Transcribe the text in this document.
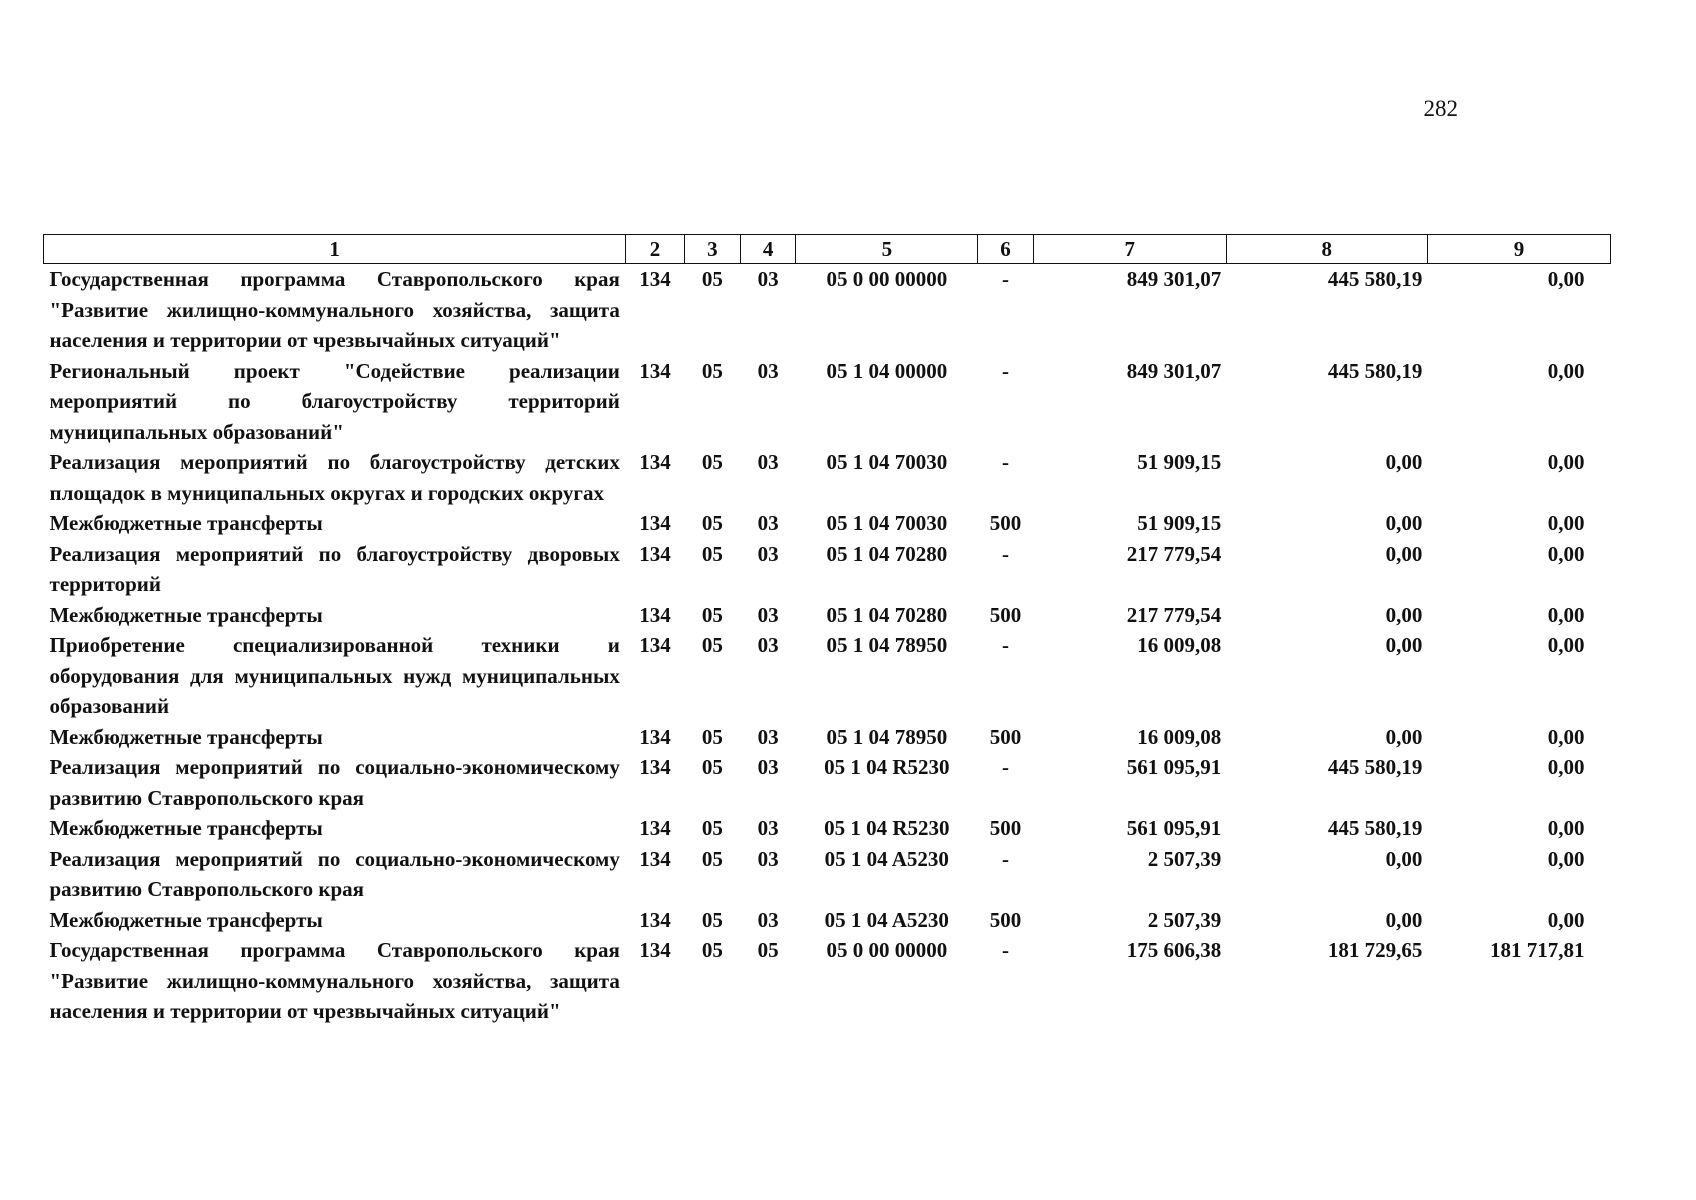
282
1	2	3	4	5	6	7	8	9
Государственная программа Ставропольского края "Развитие жилищно-коммунального хозяйства, защита населения и территории от чрезвычайных ситуаций"	134	05	03	05 0 00 00000	-	849 301,07	445 580,19	0,00
Региональный проект "Содействие реализации мероприятий по благоустройству территорий муниципальных образований"	134	05	03	05 1 04 00000	-	849 301,07	445 580,19	0,00
Реализация мероприятий по благоустройству детских площадок в муниципальных округах и городских округах	134	05	03	05 1 04 70030	-	51 909,15	0,00	0,00
Межбюджетные трансферты	134	05	03	05 1 04 70030	500	51 909,15	0,00	0,00
Реализация мероприятий по благоустройству дворовых территорий	134	05	03	05 1 04 70280	-	217 779,54	0,00	0,00
Межбюджетные трансферты	134	05	03	05 1 04 70280	500	217 779,54	0,00	0,00
Приобретение специализированной техники и оборудования для муниципальных нужд муниципальных образований	134	05	03	05 1 04 78950	-	16 009,08	0,00	0,00
Межбюджетные трансферты	134	05	03	05 1 04 78950	500	16 009,08	0,00	0,00
Реализация мероприятий по социально-экономическому развитию Ставропольского края	134	05	03	05 1 04 R5230	-	561 095,91	445 580,19	0,00
Межбюджетные трансферты	134	05	03	05 1 04 R5230	500	561 095,91	445 580,19	0,00
Реализация мероприятий по социально-экономическому развитию Ставропольского края	134	05	03	05 1 04 A5230	-	2 507,39	0,00	0,00
Межбюджетные трансферты	134	05	03	05 1 04 A5230	500	2 507,39	0,00	0,00
Государственная программа Ставропольского края "Развитие жилищно-коммунального хозяйства, защита населения и территории от чрезвычайных ситуаций"	134	05	05	05 0 00 00000	-	175 606,38	181 729,65	181 717,81
